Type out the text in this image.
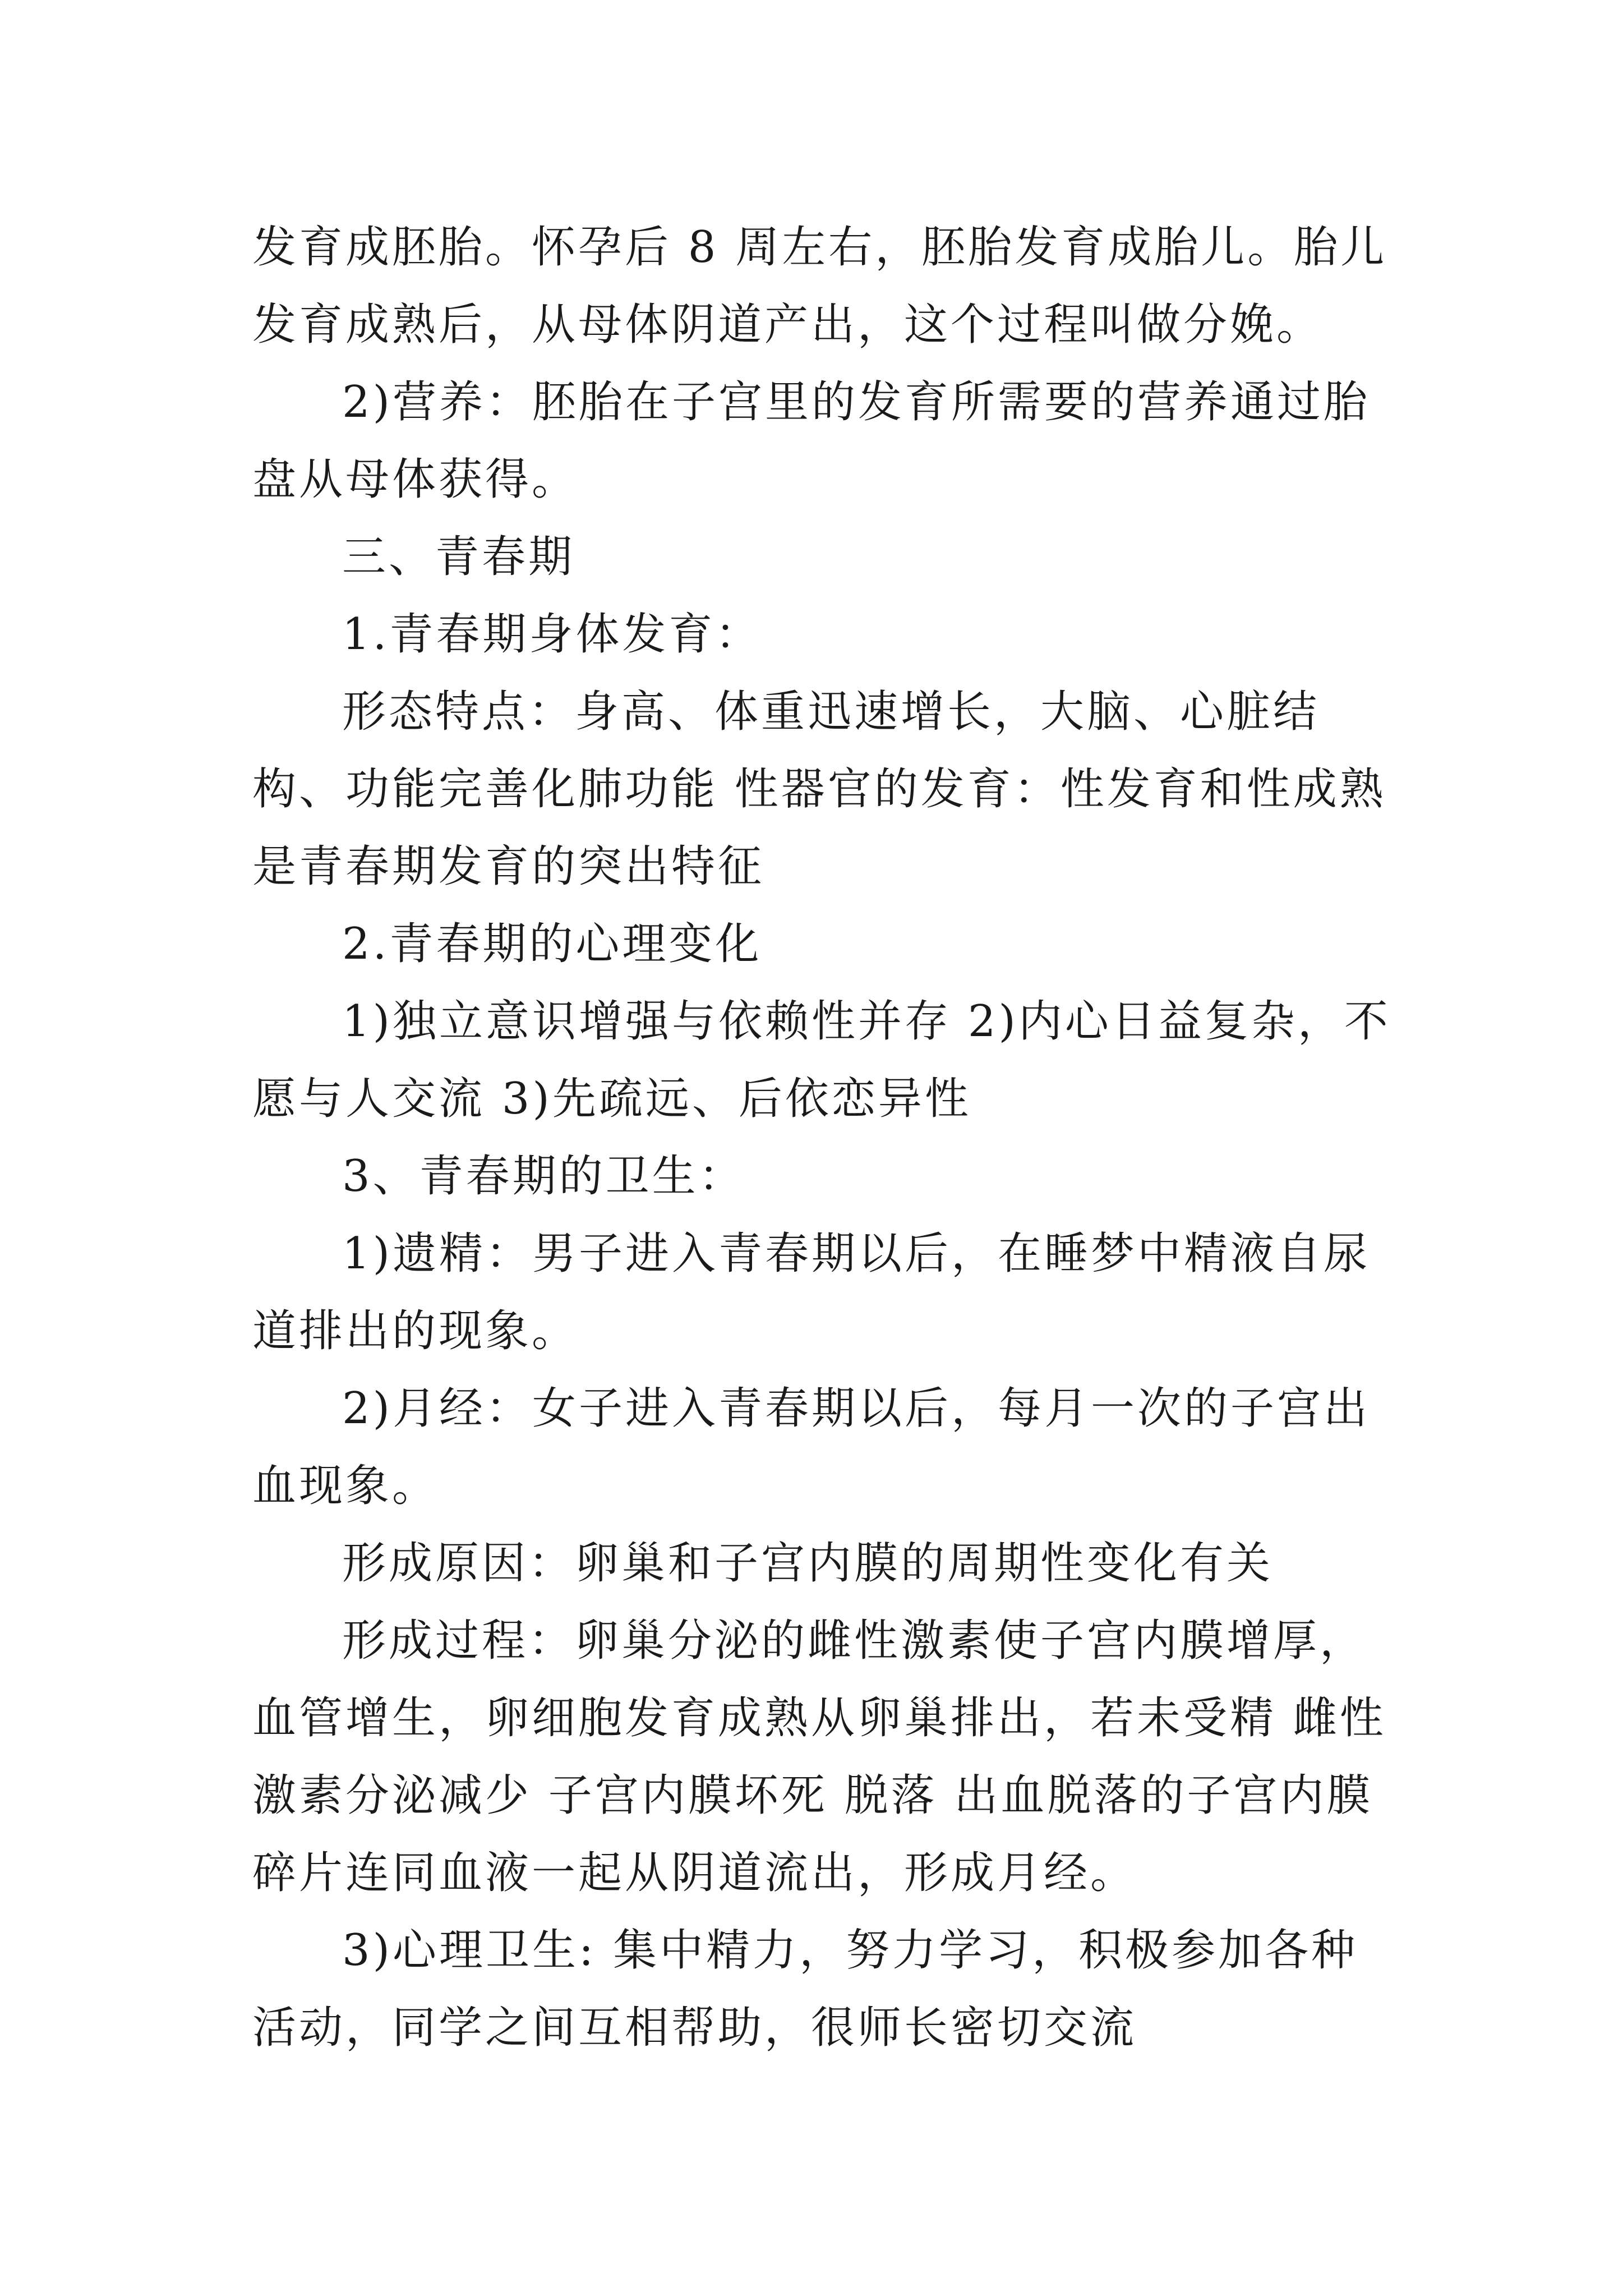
发育成胚胎。怀孕后 8 周左右，胚胎发育成胎儿。胎儿发育成熟后，从母体阴道产出，这个过程叫做分娩。

2)营养：胚胎在子宫里的发育所需要的营养通过胎盘从母体获得。

三、青春期

1.青春期身体发育：

形态特点：身高、体重迅速增长，大脑、心脏结构、功能完善化肺功能 性器官的发育：性发育和性成熟是青春期发育的突出特征

2.青春期的心理变化

1)独立意识增强与依赖性并存 2)内心日益复杂，不愿与人交流 3)先疏远、后依恋异性

3、青春期的卫生：

1)遗精：男子进入青春期以后，在睡梦中精液自尿道排出的现象。

2)月经：女子进入青春期以后，每月一次的子宫出血现象。

形成原因：卵巢和子宫内膜的周期性变化有关

形成过程：卵巢分泌的雌性激素使子宫内膜增厚，血管增生，卵细胞发育成熟从卵巢排出，若未受精 雌性激素分泌减少 子宫内膜坏死 脱落 出血脱落的子宫内膜碎片连同血液一起从阴道流出，形成月经。

3)心理卫生: 集中精力，努力学习，积极参加各种活动，同学之间互相帮助，很师长密切交流
